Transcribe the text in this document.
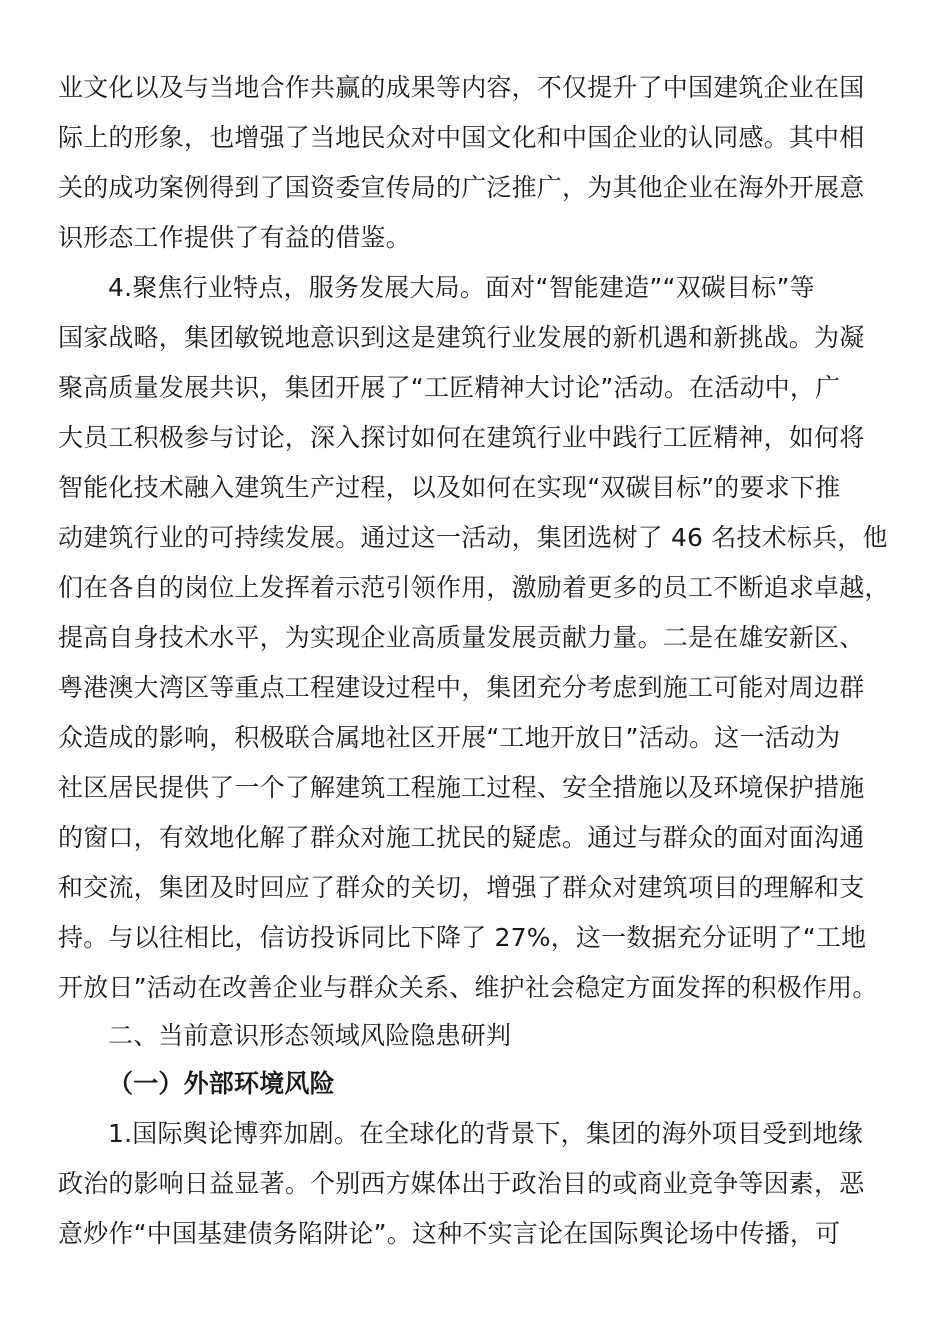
业文化以及与当地合作共赢的成果等内容，不仅提升了中国建筑企业在国
际上的形象，也增强了当地民众对中国文化和中国企业的认同感。其中相
关的成功案例得到了国资委宣传局的广泛推广，为其他企业在海外开展意
识形态工作提供了有益的借鉴。
4.聚焦行业特点，服务发展大局。面对“智能建造”“双碳目标”等
国家战略，集团敏锐地意识到这是建筑行业发展的新机遇和新挑战。为凝
聚高质量发展共识，集团开展了“工匠精神大讨论”活动。在活动中，广
大员工积极参与讨论，深入探讨如何在建筑行业中践行工匠精神，如何将
智能化技术融入建筑生产过程，以及如何在实现“双碳目标”的要求下推
动建筑行业的可持续发展。通过这一活动，集团选树了 46 名技术标兵，他
们在各自的岗位上发挥着示范引领作用，激励着更多的员工不断追求卓越，
提高自身技术水平，为实现企业高质量发展贡献力量。二是在雄安新区、
粤港澳大湾区等重点工程建设过程中，集团充分考虑到施工可能对周边群
众造成的影响，积极联合属地社区开展“工地开放日”活动。这一活动为
社区居民提供了一个了解建筑工程施工过程、安全措施以及环境保护措施
的窗口，有效地化解了群众对施工扰民的疑虑。通过与群众的面对面沟通
和交流，集团及时回应了群众的关切，增强了群众对建筑项目的理解和支
持。与以往相比，信访投诉同比下降了 27%，这一数据充分证明了“工地
开放日”活动在改善企业与群众关系、维护社会稳定方面发挥的积极作用。
二、当前意识形态领域风险隐患研判
（一）外部环境风险
1.国际舆论博弈加剧。在全球化的背景下，集团的海外项目受到地缘
政治的影响日益显著。个别西方媒体出于政治目的或商业竞争等因素，恶
意炒作“中国基建债务陷阱论”。这种不实言论在国际舆论场中传播，可
